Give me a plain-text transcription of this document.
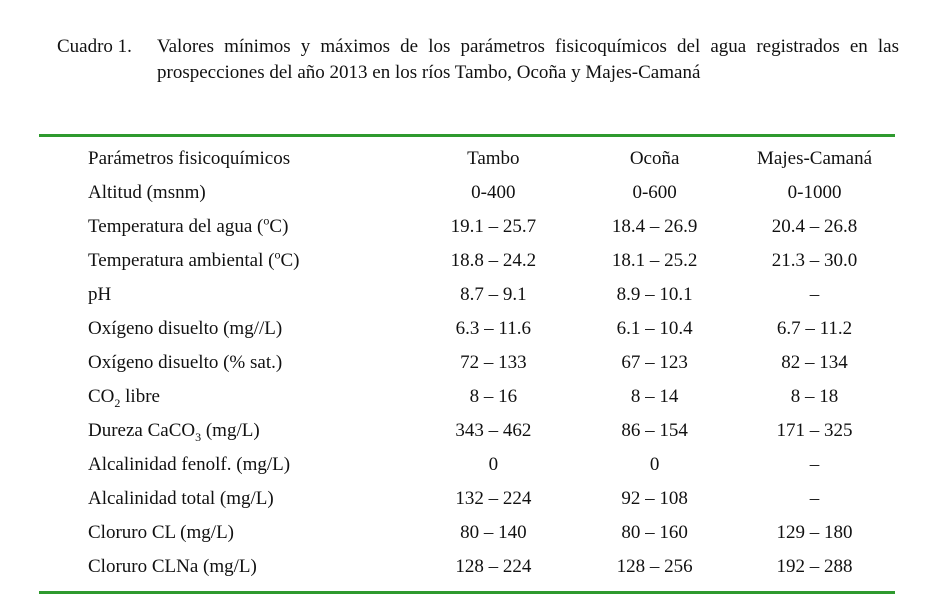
Cuadro 1. Valores mínimos y máximos de los parámetros fisicoquímicos del agua registrados en las prospecciones del año 2013 en los ríos Tambo, Ocoña y Majes-Camaná
Parámetros fisicoquímicos	Tambo	Ocoña	Majes-Camaná
Altitud (msnm)	0-400	0-600	0-1000
Temperatura del agua ($^o$C)	19.1 – 25.7	18.4 – 26.9	20.4 – 26.8
Temperatura ambiental ($^o$C)	18.8 – 24.2	18.1 – 25.2	21.3 – 30.0
pH	8.7 – 9.1	8.9 – 10.1	–
Oxígeno disuelto (mg//L)	6.3 – 11.6	6.1 – 10.4	6.7 – 11.2
Oxígeno disuelto (% sat.)	72 – 133	67 – 123	82 – 134
$CO_2$ libre	8 – 16	8 – 14	8 – 18
Dureza CaCO$_3$ (mg/L)	343 – 462	86 – 154	171 – 325
Alcalinidad fenolf. (mg/L)	0	0	–
Alcalinidad total (mg/L)	132 – 224	92 – 108	–
Cloruro CL (mg/L)	80 – 140	80 – 160	129 – 180
Cloruro CLNa (mg/L)	128 – 224	128 – 256	192 – 288
